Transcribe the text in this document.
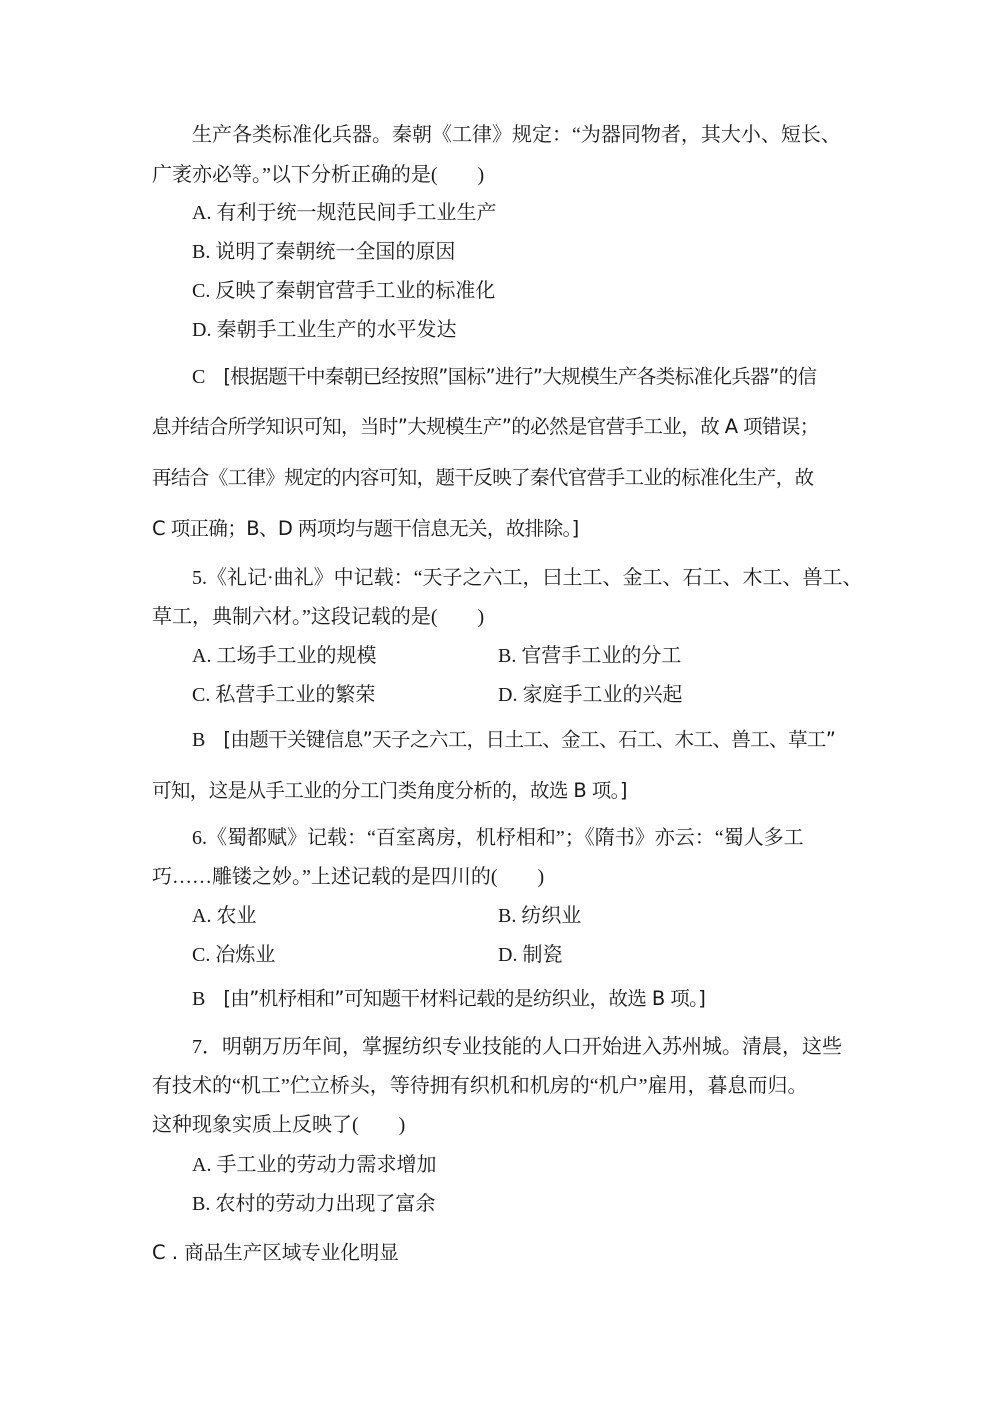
生产各类标准化兵器。秦朝《工律》规定：“为器同物者，其大小、短长、
广袤亦必等。”以下分析正确的是(　　)
A. 有利于统一规范民间手工业生产
B. 说明了秦朝统一全国的原因
C. 反映了秦朝官营手工业的标准化
D. 秦朝手工业生产的水平发达
C [根据题干中秦朝已经按照”国标”进行”大规模生产各类标准化兵器”的信
息并结合所学知识可知，当时”大规模生产”的必然是官营手工业，故 A 项错误；
再结合《工律》规定的内容可知，题干反映了秦代官营手工业的标准化生产，故
C 项正确；B、D 两项均与题干信息无关，故排除。]
5.《礼记·曲礼》中记载：“天子之六工，曰土工、金工、石工、木工、兽工、
草工，典制六材。”这段记载的是(　　)
A. 工场手工业的规模	B. 官营手工业的分工
C. 私营手工业的繁荣	D. 家庭手工业的兴起
B [由题干关键信息”天子之六工，日土工、金工、石工、木工、兽工、草工”
可知，这是从手工业的分工门类角度分析的，故选 B 项。]
6.《蜀都赋》记载：“百室离房，机杼相和”；《隋书》亦云：“蜀人多工
巧……雕镂之妙。”上述记载的是四川的(　　)
A. 农业	B. 纺织业
C. 冶炼业	D. 制瓷
B [由”机杼相和”可知题干材料记载的是纺织业，故选 B 项。]
7．明朝万历年间，掌握纺织专业技能的人口开始进入苏州城。清晨，这些
有技术的“机工”伫立桥头，等待拥有织机和机房的“机户”雇用，暮息而归。
这种现象实质上反映了(　　)
A. 手工业的劳动力需求增加
B. 农村的劳动力出现了富余
C . 商品生产区域专业化明显
